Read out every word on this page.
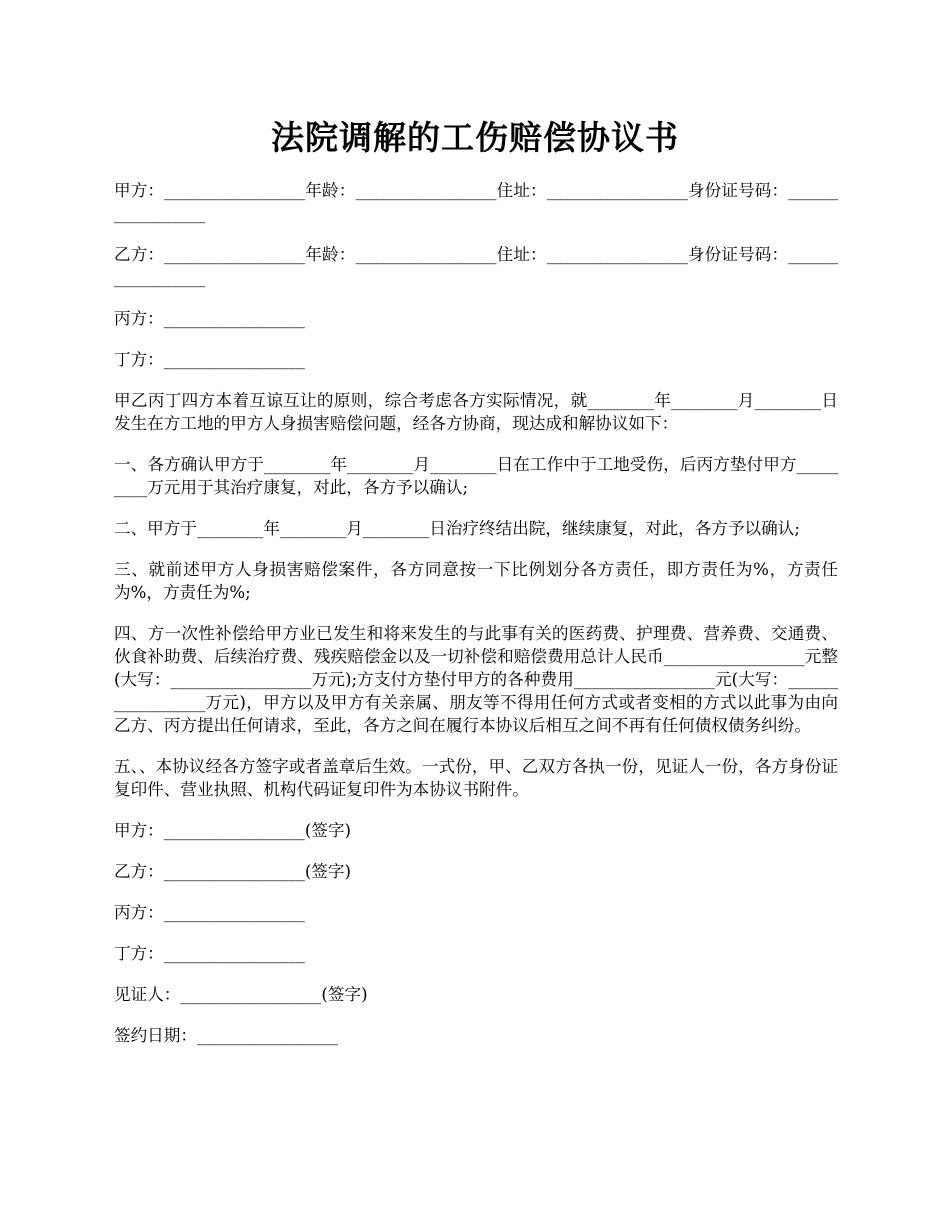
法院调解的工伤赔偿协议书

甲方：_________________年龄：_________________住址：_________________身份证号码：_________________

乙方：_________________年龄：_________________住址：_________________身份证号码：_________________

丙方：_________________

丁方：_________________

甲乙丙丁四方本着互谅互让的原则，综合考虑各方实际情况，就________年________月________日发生在方工地的甲方人身损害赔偿问题，经各方协商，现达成和解协议如下：

一、各方确认甲方于________年________月________日在工作中于工地受伤，后丙方垫付甲方_________万元用于其治疗康复，对此，各方予以确认;

二、甲方于________年________月________日治疗终结出院，继续康复，对此，各方予以确认;

三、就前述甲方人身损害赔偿案件，各方同意按一下比例划分各方责任，即方责任为%，方责任为%，方责任为%;

四、方一次性补偿给甲方业已发生和将来发生的与此事有关的医药费、护理费、营养费、交通费、伙食补助费、后续治疗费、残疾赔偿金以及一切补偿和赔偿费用总计人民币_________________元整(大写：_________________万元);方支付方垫付甲方的各种费用_________________元(大写：_________________万元)，甲方以及甲方有关亲属、朋友等不得用任何方式或者变相的方式以此事为由向乙方、丙方提出任何请求，至此，各方之间在履行本协议后相互之间不再有任何债权债务纠纷。

五、、本协议经各方签字或者盖章后生效。一式份，甲、乙双方各执一份，见证人一份，各方身份证复印件、营业执照、机构代码证复印件为本协议书附件。

甲方：_________________(签字)

乙方：_________________(签字)

丙方：_________________

丁方：_________________

见证人：_________________(签字)

签约日期：_________________
